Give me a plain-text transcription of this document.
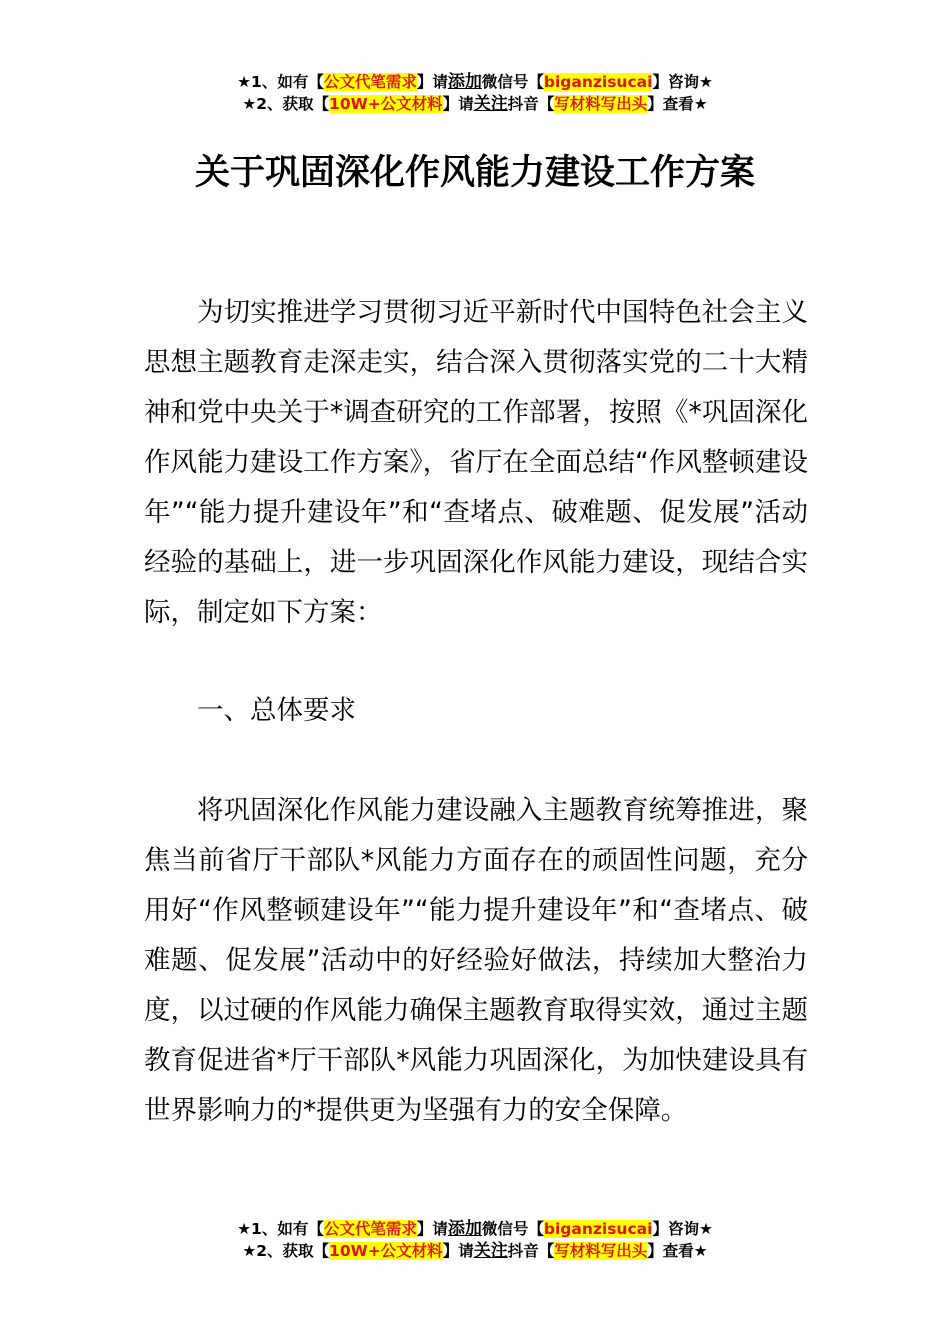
★1、如有【公文代笔需求】请添加微信号【biganzisucai】咨询★
★2、获取【10W+公文材料】请关注抖音【写材料写出头】查看★
关于巩固深化作风能力建设工作方案

为切实推进学习贯彻习近平新时代中国特色社会主义思想主题教育走深走实，结合深入贯彻落实党的二十大精神和党中央关于*调查研究的工作部署，按照《*巩固深化作风能力建设工作方案》，省厅在全面总结“作风整顿建设年”“能力提升建设年”和“查堵点、破难题、促发展”活动经验的基础上，进一步巩固深化作风能力建设，现结合实际，制定如下方案：

一、总体要求

将巩固深化作风能力建设融入主题教育统筹推进，聚焦当前省厅干部队*风能力方面存在的顽固性问题，充分用好“作风整顿建设年”“能力提升建设年”和“查堵点、破难题、促发展”活动中的好经验好做法，持续加大整治力度，以过硬的作风能力确保主题教育取得实效，通过主题教育促进省*厅干部队*风能力巩固深化，为加快建设具有世界影响力的*提供更为坚强有力的安全保障。

★1、如有【公文代笔需求】请添加微信号【biganzisucai】咨询★
★2、获取【10W+公文材料】请关注抖音【写材料写出头】查看★
